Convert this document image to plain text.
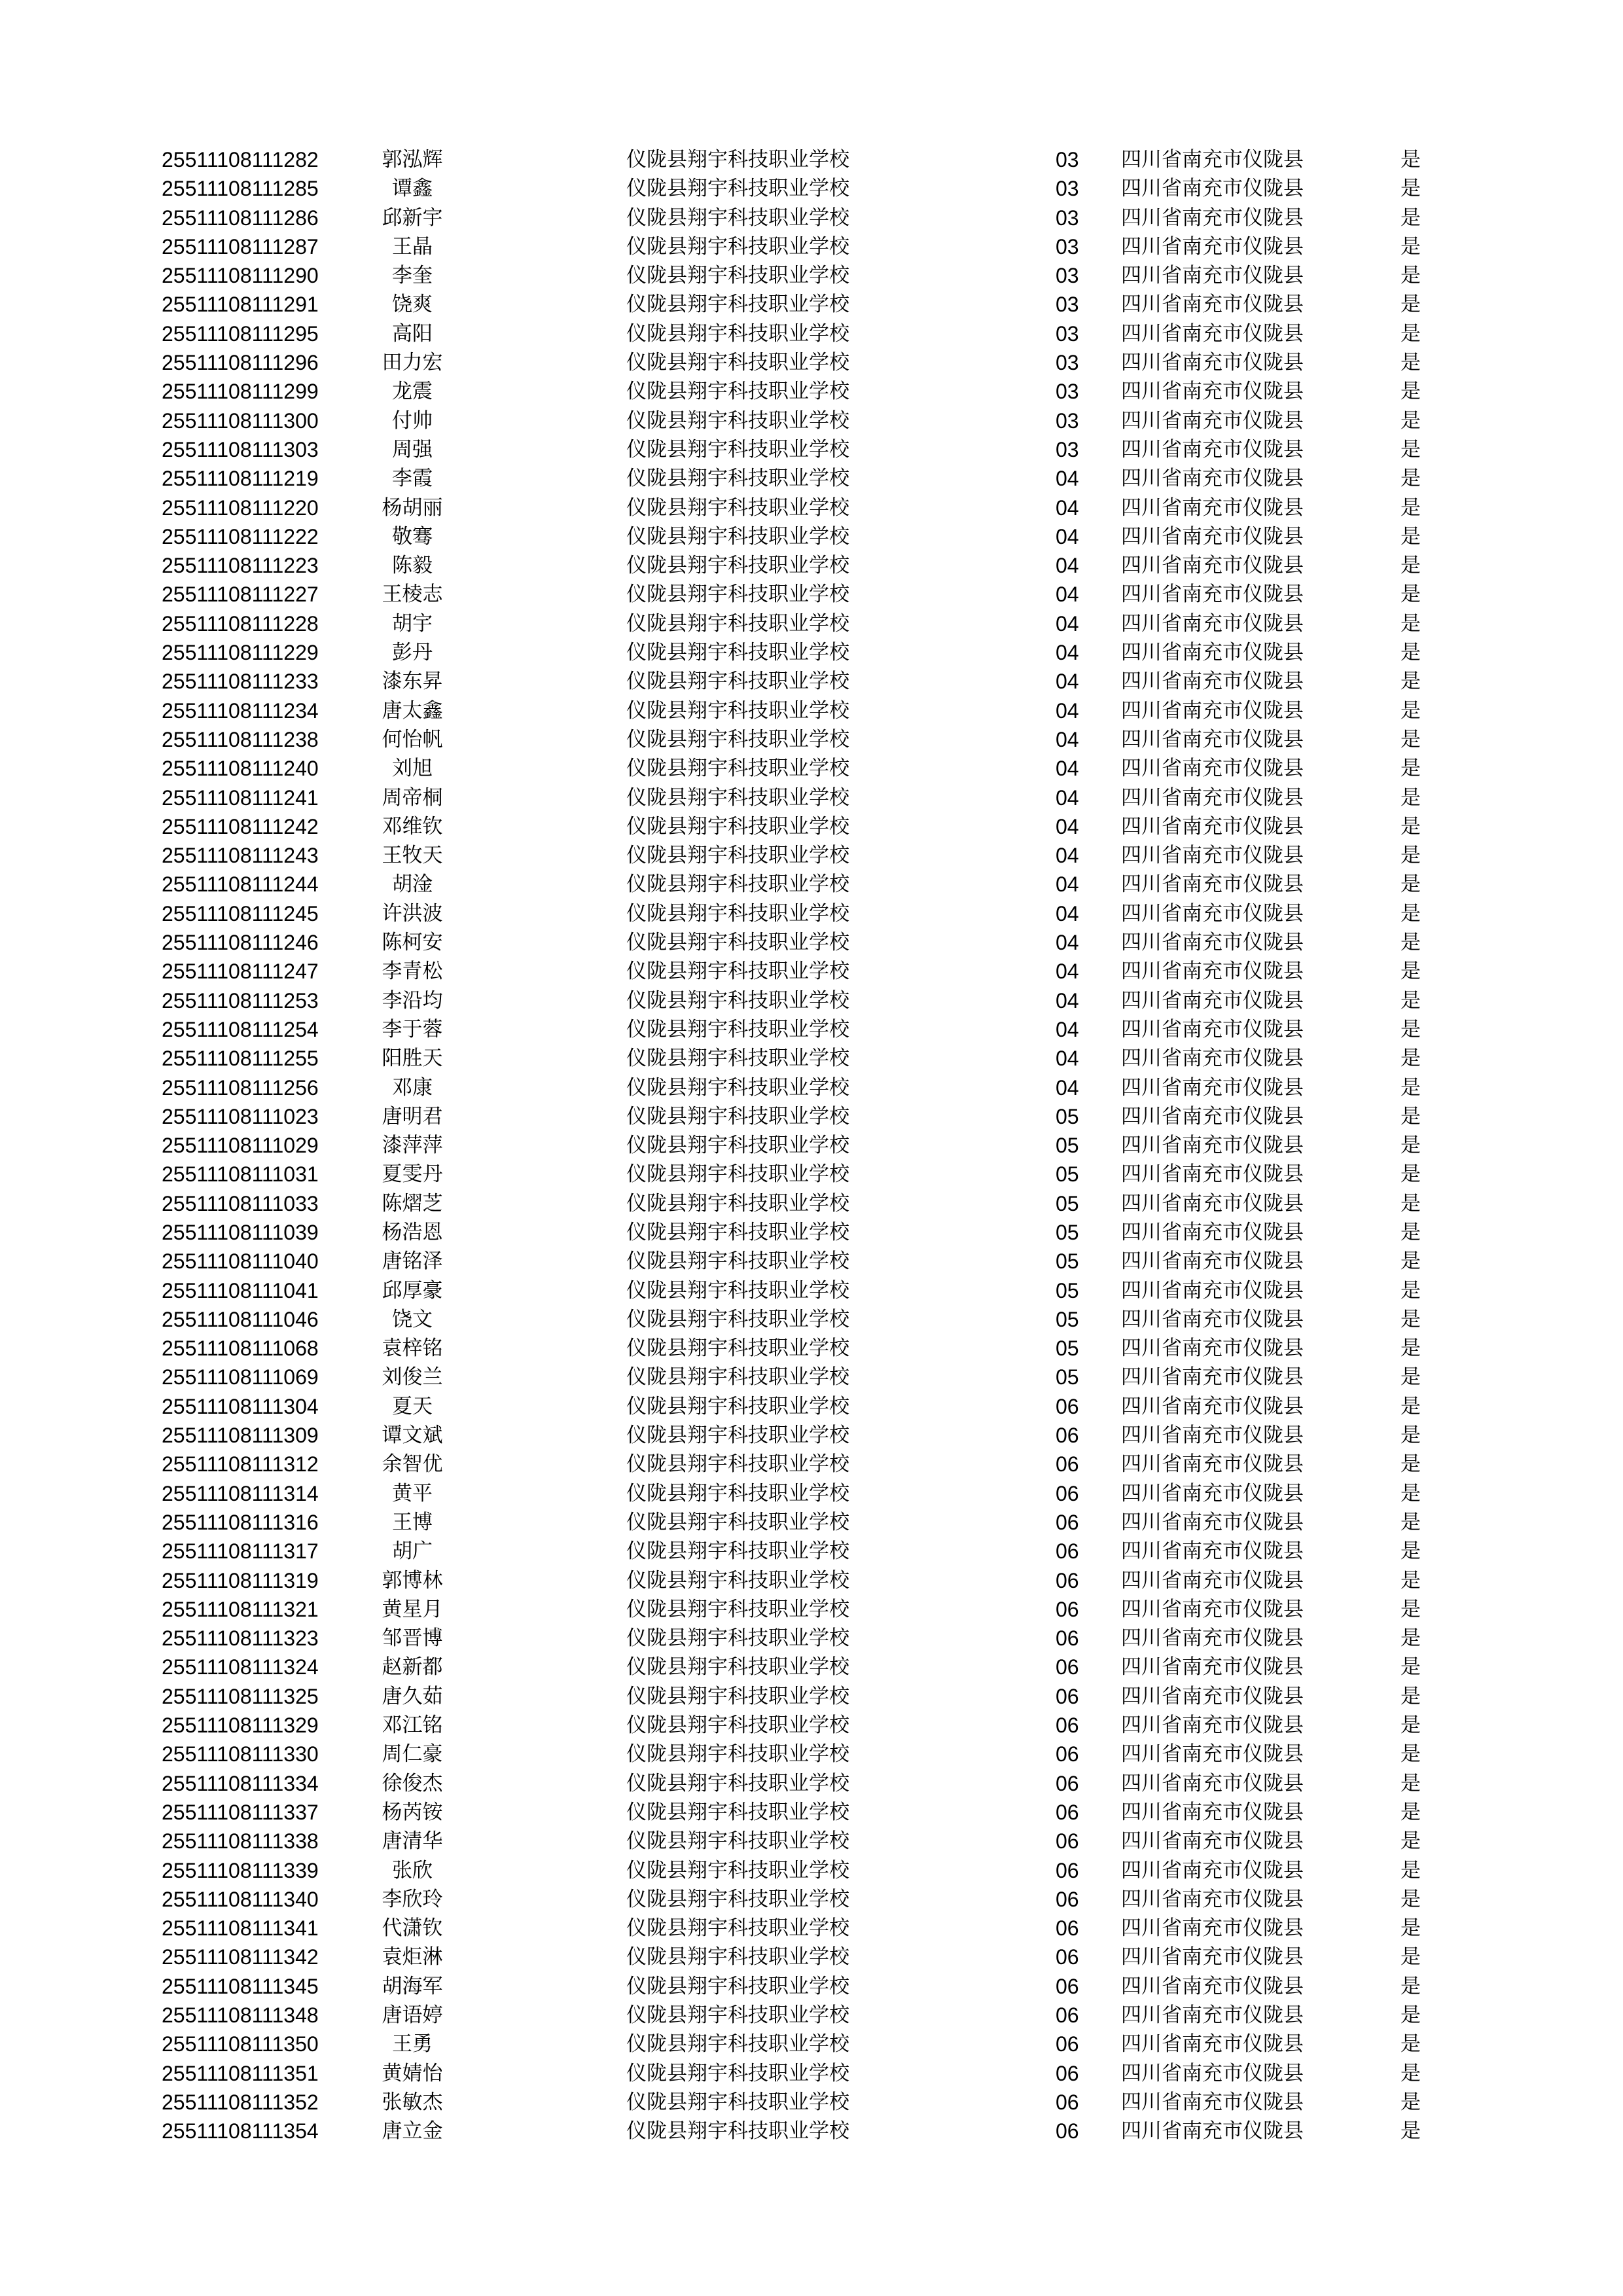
25511108111282	郭泓辉	仪陇县翔宇科技职业学校	03 四川省南充市仪陇县	是
25511108111285	谭鑫	仪陇县翔宇科技职业学校	03 四川省南充市仪陇县	是
25511108111286	邱新宇	仪陇县翔宇科技职业学校	03 四川省南充市仪陇县	是
25511108111287	王晶	仪陇县翔宇科技职业学校	03 四川省南充市仪陇县	是
25511108111290	李奎	仪陇县翔宇科技职业学校	03 四川省南充市仪陇县	是
25511108111291	饶爽	仪陇县翔宇科技职业学校	03 四川省南充市仪陇县	是
25511108111295	高阳	仪陇县翔宇科技职业学校	03 四川省南充市仪陇县	是
25511108111296	田力宏	仪陇县翔宇科技职业学校	03 四川省南充市仪陇县	是
25511108111299	龙震	仪陇县翔宇科技职业学校	03 四川省南充市仪陇县	是
25511108111300	付帅	仪陇县翔宇科技职业学校	03 四川省南充市仪陇县	是
25511108111303	周强	仪陇县翔宇科技职业学校	03 四川省南充市仪陇县	是
25511108111219	李霞	仪陇县翔宇科技职业学校	04 四川省南充市仪陇县	是
25511108111220	杨胡丽	仪陇县翔宇科技职业学校	04 四川省南充市仪陇县	是
25511108111222	敬骞	仪陇县翔宇科技职业学校	04 四川省南充市仪陇县	是
25511108111223	陈毅	仪陇县翔宇科技职业学校	04 四川省南充市仪陇县	是
25511108111227	王棱志	仪陇县翔宇科技职业学校	04 四川省南充市仪陇县	是
25511108111228	胡宇	仪陇县翔宇科技职业学校	04 四川省南充市仪陇县	是
25511108111229	彭丹	仪陇县翔宇科技职业学校	04 四川省南充市仪陇县	是
25511108111233	漆东昇	仪陇县翔宇科技职业学校	04 四川省南充市仪陇县	是
25511108111234	唐太鑫	仪陇县翔宇科技职业学校	04 四川省南充市仪陇县	是
25511108111238	何怡帆	仪陇县翔宇科技职业学校	04 四川省南充市仪陇县	是
25511108111240	刘旭	仪陇县翔宇科技职业学校	04 四川省南充市仪陇县	是
25511108111241	周帝桐	仪陇县翔宇科技职业学校	04 四川省南充市仪陇县	是
25511108111242	邓维钦	仪陇县翔宇科技职业学校	04 四川省南充市仪陇县	是
25511108111243	王牧天	仪陇县翔宇科技职业学校	04 四川省南充市仪陇县	是
25511108111244	胡淦	仪陇县翔宇科技职业学校	04 四川省南充市仪陇县	是
25511108111245	许洪波	仪陇县翔宇科技职业学校	04 四川省南充市仪陇县	是
25511108111246	陈柯安	仪陇县翔宇科技职业学校	04 四川省南充市仪陇县	是
25511108111247	李青松	仪陇县翔宇科技职业学校	04 四川省南充市仪陇县	是
25511108111253	李沿均	仪陇县翔宇科技职业学校	04 四川省南充市仪陇县	是
25511108111254	李于蓉	仪陇县翔宇科技职业学校	04 四川省南充市仪陇县	是
25511108111255	阳胜天	仪陇县翔宇科技职业学校	04 四川省南充市仪陇县	是
25511108111256	邓康	仪陇县翔宇科技职业学校	04 四川省南充市仪陇县	是
25511108111023	唐明君	仪陇县翔宇科技职业学校	05 四川省南充市仪陇县	是
25511108111029	漆萍萍	仪陇县翔宇科技职业学校	05 四川省南充市仪陇县	是
25511108111031	夏雯丹	仪陇县翔宇科技职业学校	05 四川省南充市仪陇县	是
25511108111033	陈熠芝	仪陇县翔宇科技职业学校	05 四川省南充市仪陇县	是
25511108111039	杨浩恩	仪陇县翔宇科技职业学校	05 四川省南充市仪陇县	是
25511108111040	唐铭泽	仪陇县翔宇科技职业学校	05 四川省南充市仪陇县	是
25511108111041	邱厚豪	仪陇县翔宇科技职业学校	05 四川省南充市仪陇县	是
25511108111046	饶文	仪陇县翔宇科技职业学校	05 四川省南充市仪陇县	是
25511108111068	袁梓铭	仪陇县翔宇科技职业学校	05 四川省南充市仪陇县	是
25511108111069	刘俊兰	仪陇县翔宇科技职业学校	05 四川省南充市仪陇县	是
25511108111304	夏天	仪陇县翔宇科技职业学校	06 四川省南充市仪陇县	是
25511108111309	谭文斌	仪陇县翔宇科技职业学校	06 四川省南充市仪陇县	是
25511108111312	余智优	仪陇县翔宇科技职业学校	06 四川省南充市仪陇县	是
25511108111314	黄平	仪陇县翔宇科技职业学校	06 四川省南充市仪陇县	是
25511108111316	王博	仪陇县翔宇科技职业学校	06 四川省南充市仪陇县	是
25511108111317	胡广	仪陇县翔宇科技职业学校	06 四川省南充市仪陇县	是
25511108111319	郭博林	仪陇县翔宇科技职业学校	06 四川省南充市仪陇县	是
25511108111321	黄星月	仪陇县翔宇科技职业学校	06 四川省南充市仪陇县	是
25511108111323	邹晋博	仪陇县翔宇科技职业学校	06 四川省南充市仪陇县	是
25511108111324	赵新都	仪陇县翔宇科技职业学校	06 四川省南充市仪陇县	是
25511108111325	唐久茹	仪陇县翔宇科技职业学校	06 四川省南充市仪陇县	是
25511108111329	邓江铭	仪陇县翔宇科技职业学校	06 四川省南充市仪陇县	是
25511108111330	周仁豪	仪陇县翔宇科技职业学校	06 四川省南充市仪陇县	是
25511108111334	徐俊杰	仪陇县翔宇科技职业学校	06 四川省南充市仪陇县	是
25511108111337	杨芮铵	仪陇县翔宇科技职业学校	06 四川省南充市仪陇县	是
25511108111338	唐清华	仪陇县翔宇科技职业学校	06 四川省南充市仪陇县	是
25511108111339	张欣	仪陇县翔宇科技职业学校	06 四川省南充市仪陇县	是
25511108111340	李欣玲	仪陇县翔宇科技职业学校	06 四川省南充市仪陇县	是
25511108111341	代潇钦	仪陇县翔宇科技职业学校	06 四川省南充市仪陇县	是
25511108111342	袁炬淋	仪陇县翔宇科技职业学校	06 四川省南充市仪陇县	是
25511108111345	胡海军	仪陇县翔宇科技职业学校	06 四川省南充市仪陇县	是
25511108111348	唐语婷	仪陇县翔宇科技职业学校	06 四川省南充市仪陇县	是
25511108111350	王勇	仪陇县翔宇科技职业学校	06 四川省南充市仪陇县	是
25511108111351	黄婧怡	仪陇县翔宇科技职业学校	06 四川省南充市仪陇县	是
25511108111352	张敏杰	仪陇县翔宇科技职业学校	06 四川省南充市仪陇县	是
25511108111354	唐立金	仪陇县翔宇科技职业学校	06 四川省南充市仪陇县	是
